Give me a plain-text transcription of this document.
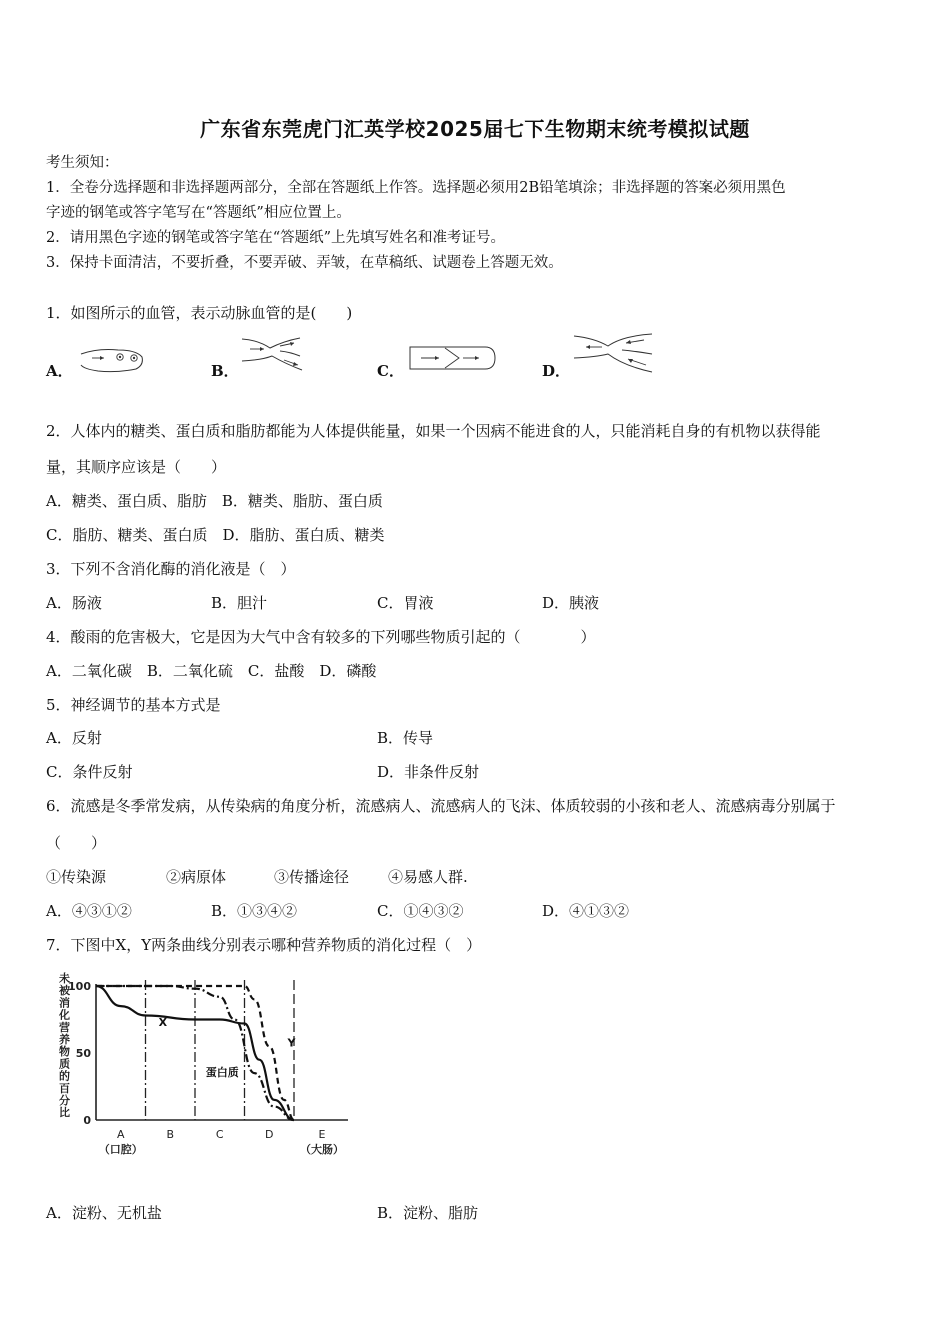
广东省东莞虎门汇英学校2025届七下生物期末统考模拟试题
考生须知：
1．全卷分选择题和非选择题两部分，全部在答题纸上作答。选择题必须用2B铅笔填涂；非选择题的答案必须用黑色
字迹的钢笔或答字笔写在“答题纸”相应位置上。
2．请用黑色字迹的钢笔或答字笔在“答题纸”上先填写姓名和准考证号。
3．保持卡面清洁，不要折叠，不要弄破、弄皱，在草稿纸、试题卷上答题无效。
1．如图所示的血管，表示动脉血管的是(　　)
A．	B．	C．	D．
2．人体内的糖类、蛋白质和脂肪都能为人体提供能量，如果一个因病不能进食的人，只能消耗自身的有机物以获得能
量，其顺序应该是（　　）
A．糖类、蛋白质、脂肪　B．糖类、脂肪、蛋白质
C．脂肪、糖类、蛋白质　D．脂肪、蛋白质、糖类
3．下列不含消化酶的消化液是（　）
A．肠液	B．胆汁	C．胃液	D．胰液
4．酸雨的危害极大，它是因为大气中含有较多的下列哪些物质引起的（　　　　）
A．二氧化碳　B．二氧化硫　C．盐酸　D．磷酸
5．神经调节的基本方式是
A．反射	B．传导
C．条件反射	D．非条件反射
6．流感是冬季常发病，从传染病的角度分析，流感病人、流感病人的飞沫、体质较弱的小孩和老人、流感病毒分别属于
（　　）
①传染源	②病原体	③传播途径	④易感人群.
A．④③①②	B．①③④②	C．①④③②	D．④①③②
7．下图中X，Y两条曲线分别表示哪种营养物质的消化过程（　）
未被消化营养物质的百分比
100
50
0
A
（口腔）
B	C	D	E
（大肠）
X
蛋白质
Y
A．淀粉、无机盐	B．淀粉、脂肪
